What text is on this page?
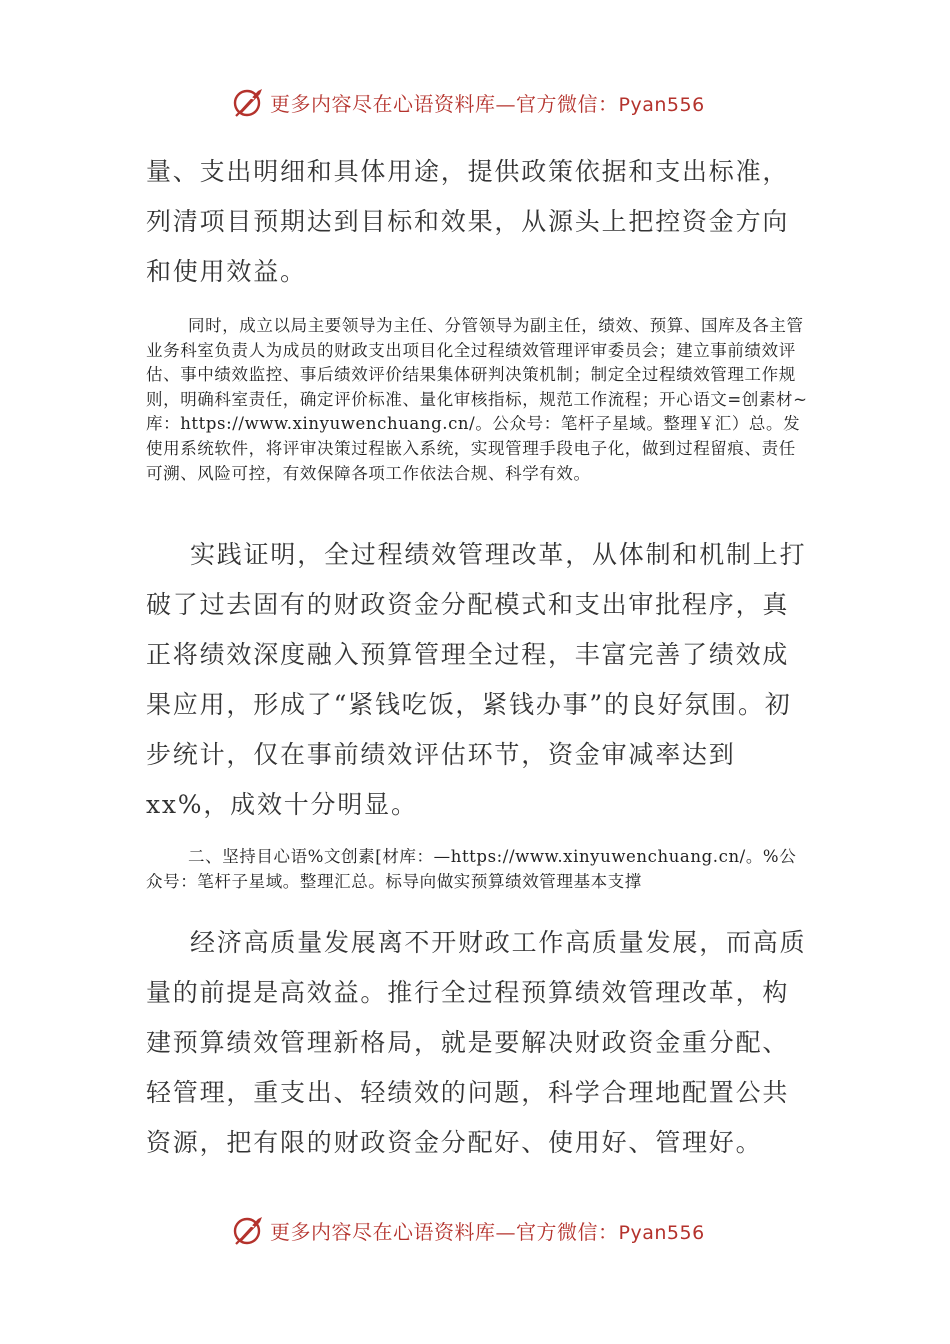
更多内容尽在心语资料库—官方微信：Pyan556

量、支出明细和具体用途，提供政策依据和支出标准，列清项目预期达到目标和效果，从源头上把控资金方向和使用效益。

同时，成立以局主要领导为主任、分管领导为副主任，绩效、预算、国库及各主管业务科室负责人为成员的财政支出项目化全过程绩效管理评审委员会；建立事前绩效评估、事中绩效监控、事后绩效评价结果集体研判决策机制；制定全过程绩效管理工作规则，明确科室责任，确定评价标准、量化审核指标，规范工作流程；开心语文=创素材~库：https://www.xinyuwenchuang.cn/。公众号：笔杆子星域。整理￥汇）总。发使用系统软件，将评审决策过程嵌入系统，实现管理手段电子化，做到过程留痕、责任可溯、风险可控，有效保障各项工作依法合规、科学有效。

实践证明，全过程绩效管理改革，从体制和机制上打破了过去固有的财政资金分配模式和支出审批程序，真正将绩效深度融入预算管理全过程，丰富完善了绩效成果应用，形成了“紧钱吃饭，紧钱办事”的良好氛围。初步统计，仅在事前绩效评估环节，资金审减率达到xx%，成效十分明显。

二、坚持目心语%文创素[材库：—https://www.xinyuwenchuang.cn/。%公众号：笔杆子星域。整理汇总。标导向做实预算绩效管理基本支撑

经济高质量发展离不开财政工作高质量发展，而高质量的前提是高效益。推行全过程预算绩效管理改革，构建预算绩效管理新格局，就是要解决财政资金重分配、轻管理，重支出、轻绩效的问题，科学合理地配置公共资源，把有限的财政资金分配好、使用好、管理好。

更多内容尽在心语资料库—官方微信：Pyan556
